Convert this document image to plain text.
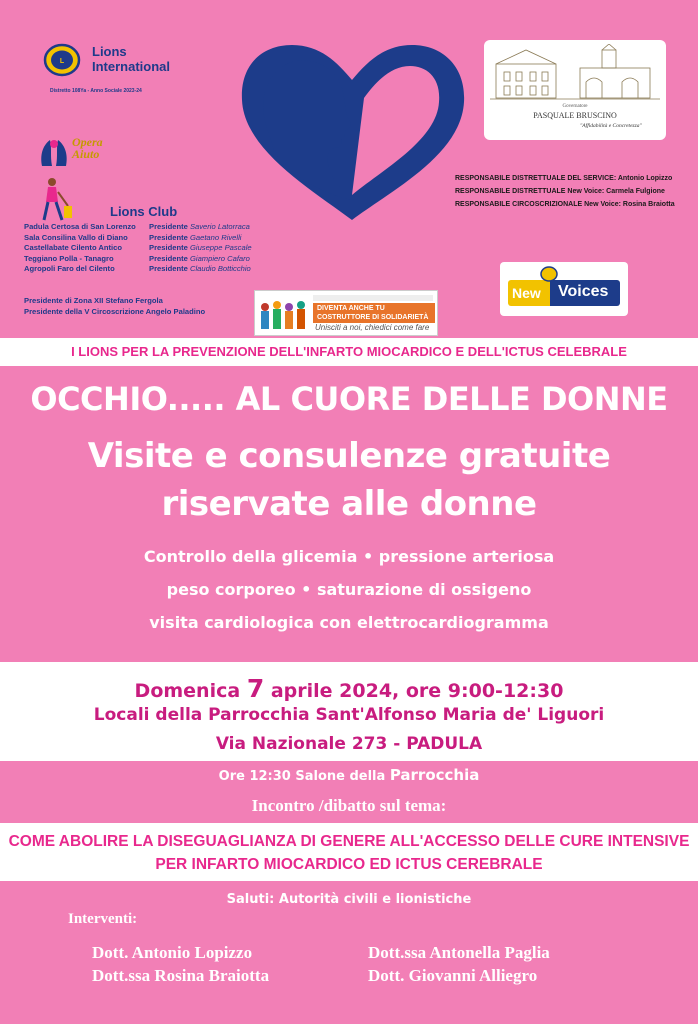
L
Lions
International
Distretto 108Ya - Anno Sociale 2023-24
Governatore
PASQUALE BRUSCINO
"Affidabilità e Concretezza"
RESPONSABILE DISTRETTUALE DEL SERVICE: Antonio Lopizzo
RESPONSABILE DISTRETTUALE New Voice: Carmela Fulgione
RESPONSABILE CIRCOSCRIZIONALE New Voice: Rosina Braiotta
Opera
Aiuto
Lions Club
Padula Certosa di San Lorenzo Presidente Saverio Latorraca
Sala Consilina Vallo di Diano	Presidente Gaetano Rivelli
Castellabate Cilento Antico	Presidente Giuseppe Pascale
Teggiano Polla - Tanagro	Presidente Giampiero Cafaro
Agropoli Faro del Cilento	Presidente Claudio Botticchio
Presidente di Zona XII Stefano Fergola
Presidente della V Circoscrizione Angelo Paladino	DIVENTA ANCHE TU
COSTRUTTORE DI SOLIDARIETÀ
Unisciti a noi, chiedici come fare
New Voices
I LIONS PER LA PREVENZIONE DELL'INFARTO MIOCARDICO E DELL'ICTUS CELEBRALE
OCCHIO..... AL CUORE DELLE DONNE
Visite e consulenze gratuite
riservate alle donne
Controllo della glicemia • pressione arteriosa
peso corporeo • saturazione di ossigeno
visita cardiologica con elettrocardiogramma
Domenica 7 aprile 2024, ore 9:00-12:30
Locali della Parrocchia Sant'Alfonso Maria de' Liguori
Via Nazionale 273 - PADULA
Ore 12:30 Salone della Parrocchia
Incontro /dibatto sul tema:
COME ABOLIRE LA DISEGUAGLIANZA DI GENERE ALL'ACCESSO DELLE CURE INTENSIVE
PER INFARTO MIOCARDICO ED ICTUS CEREBRALE
Saluti: Autorità civili e lionistiche
Interventi:
Dott. Antonio Lopizzo	Dott.ssa Antonella Paglia
Dott.ssa Rosina Braiotta	Dott. Giovanni Alliegro
